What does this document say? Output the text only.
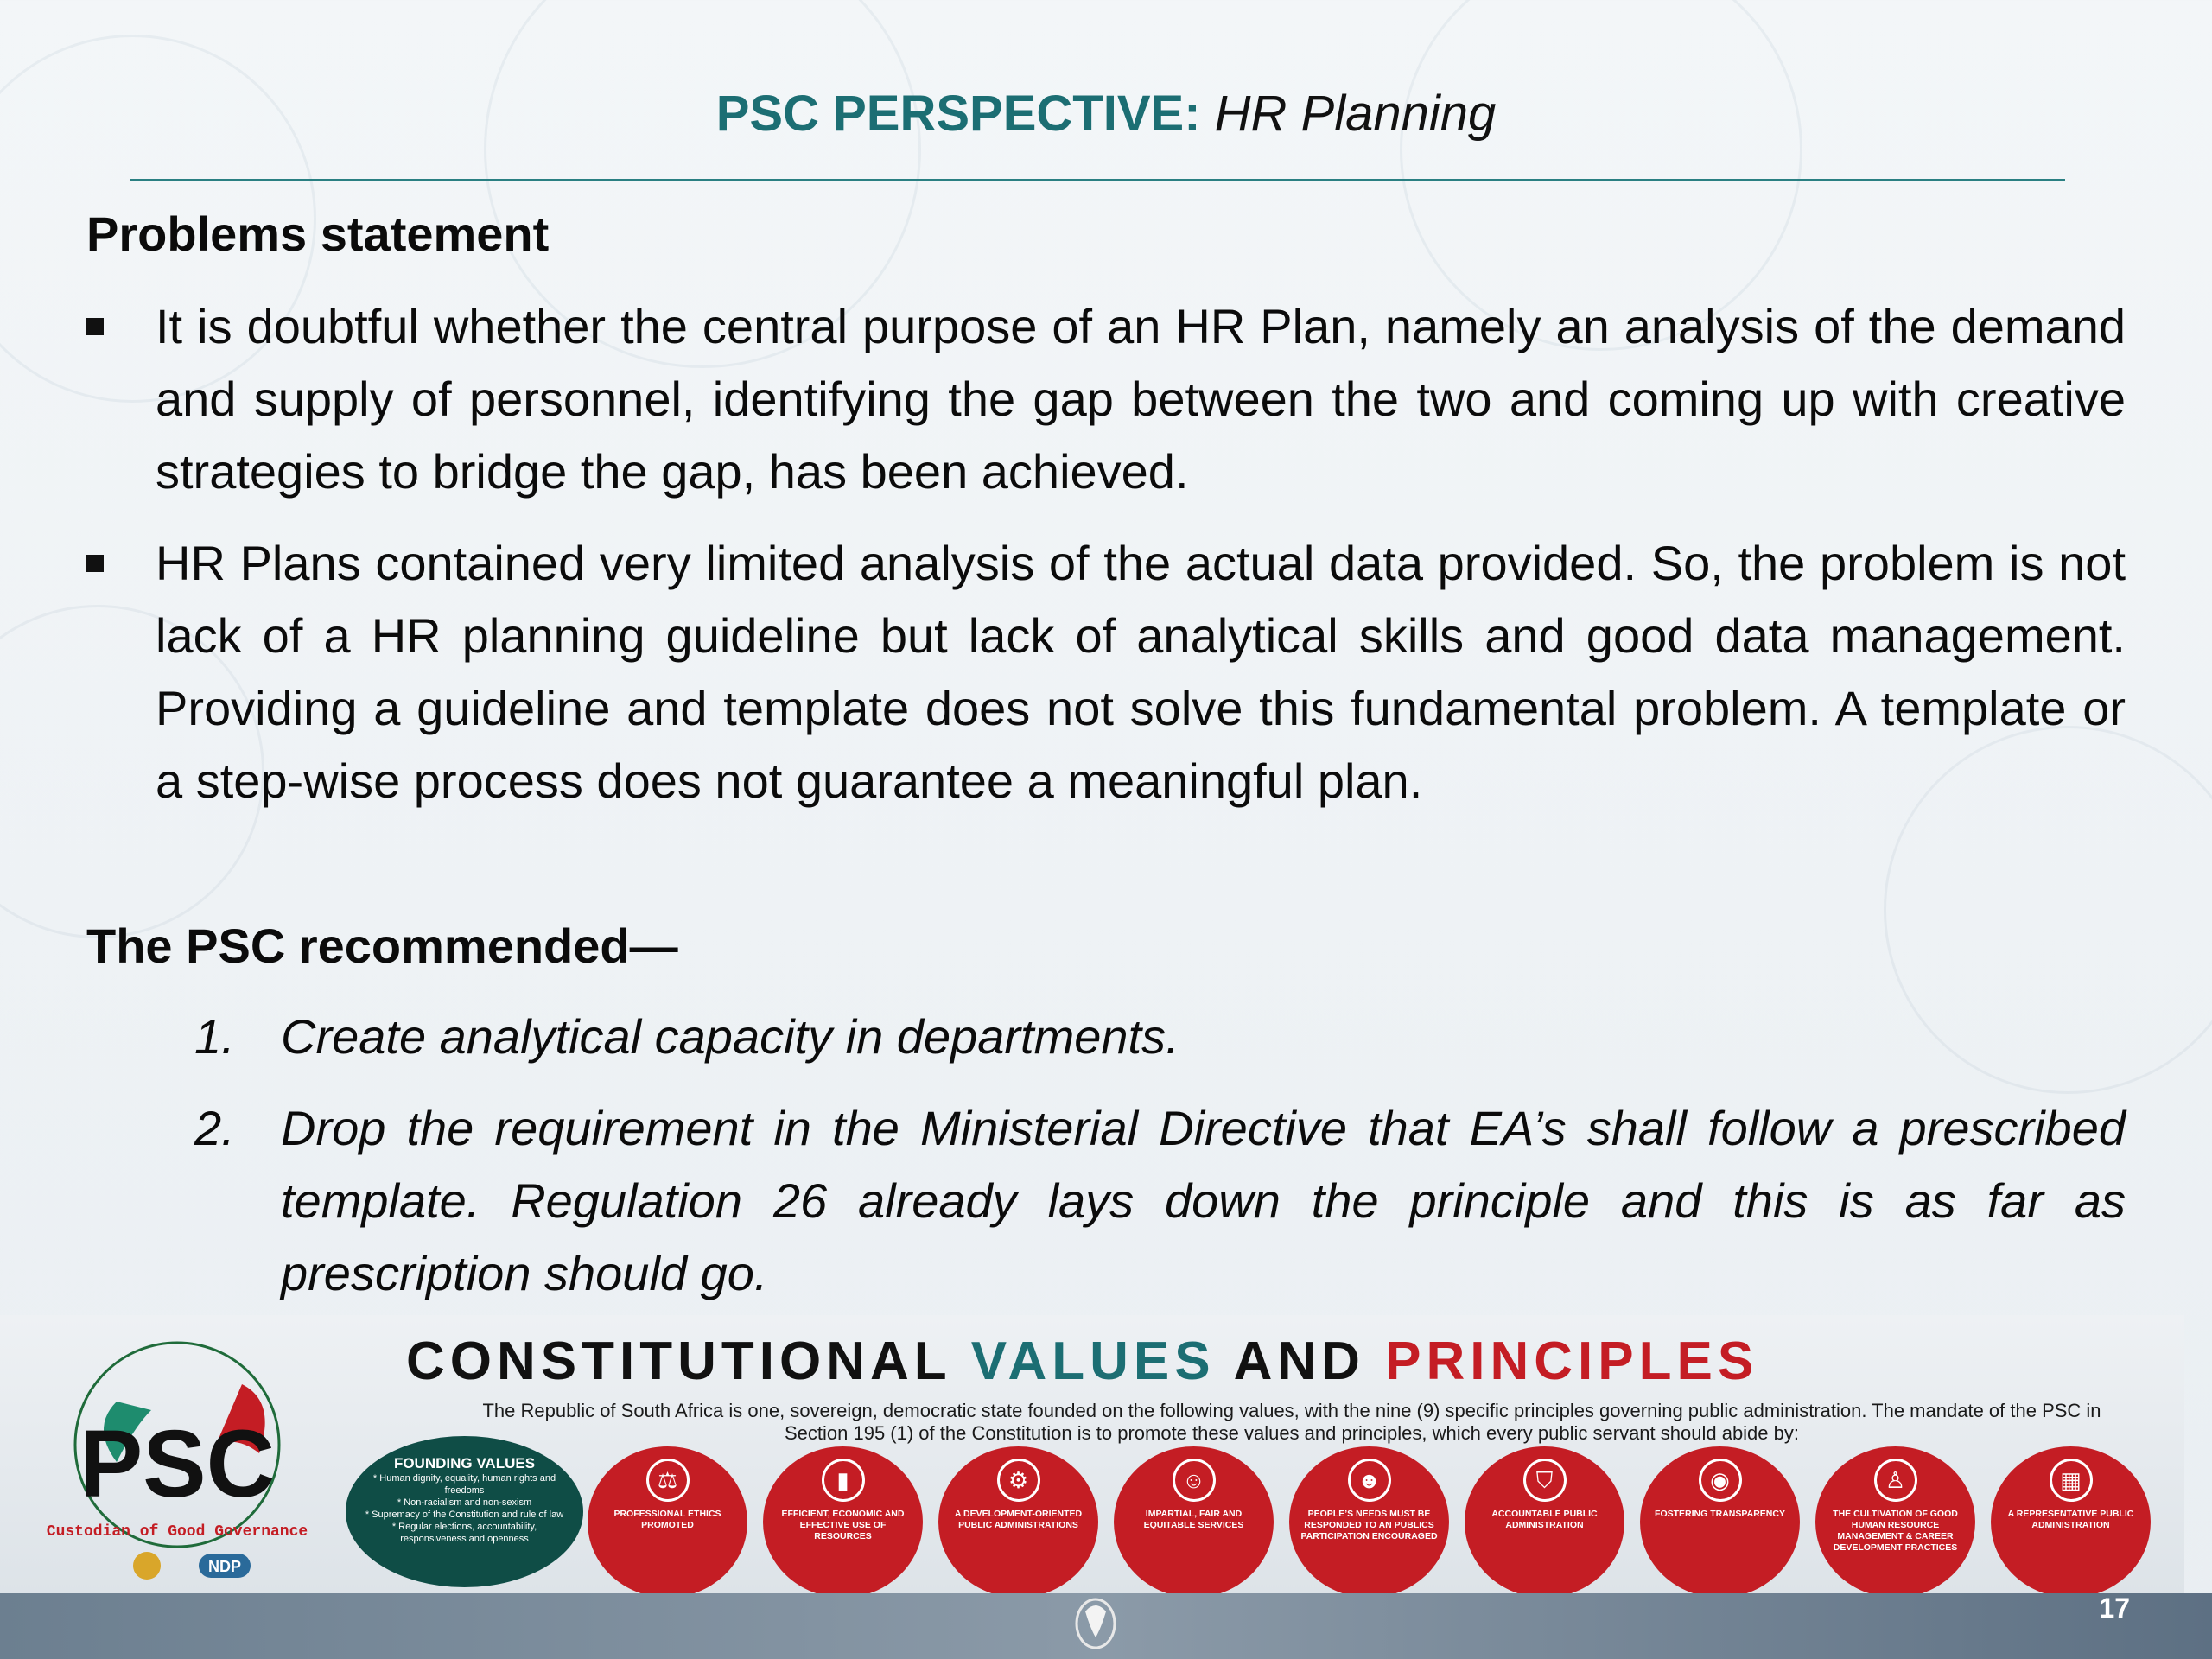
PSC PERSPECTIVE: HR Planning
Problems statement
It is doubtful whether the central purpose of an HR Plan, namely an analysis of the demand and supply of personnel, identifying the gap between the two and coming up with creative strategies to bridge the gap, has been achieved.
HR Plans contained very limited analysis of the actual data provided. So, the problem is not lack of a HR planning guideline but lack of analytical skills and good data management. Providing a guideline and template does not solve this fundamental problem. A template or a step-wise process does not guarantee a meaningful plan.
The PSC recommended—
1. Create analytical capacity in departments.
2. Drop the requirement in the Ministerial Directive that EA’s shall follow a prescribed template. Regulation 26 already lays down the principle and this is as far as prescription should go.
PSC
Custodian of Good Governance
NDP
CONSTITUTIONAL VALUES AND PRINCIPLES
The Republic of South Africa is one, sovereign, democratic state founded on the following values, with the nine (9) specific principles governing public administration. The mandate of the PSC in Section 195 (1) of the Constitution is to promote these values and principles, which every public servant should abide by:
FOUNDING VALUES
* Human dignity, equality, human rights and freedoms
* Non-racialism and non-sexism
* Supremacy of the Constitution and rule of law
* Regular elections, accountability, responsiveness and openness
⚖
PROFESSIONAL ETHICS PROMOTED
▮
EFFICIENT, ECONOMIC AND EFFECTIVE USE OF RESOURCES
⚙
A DEVELOPMENT-ORIENTED PUBLIC ADMINISTRATIONS
☺
IMPARTIAL, FAIR AND EQUITABLE SERVICES
☻
PEOPLE’S NEEDS MUST BE RESPONDED TO AN PUBLICS PARTICIPATION ENCOURAGED
⛉
ACCOUNTABLE PUBLIC ADMINISTRATION
◉
FOSTERING TRANSPARENCY
♙
THE CULTIVATION OF GOOD HUMAN RESOURCE MANAGEMENT & CAREER DEVELOPMENT PRACTICES
▦
A REPRESENTATIVE PUBLIC ADMINISTRATION
17
